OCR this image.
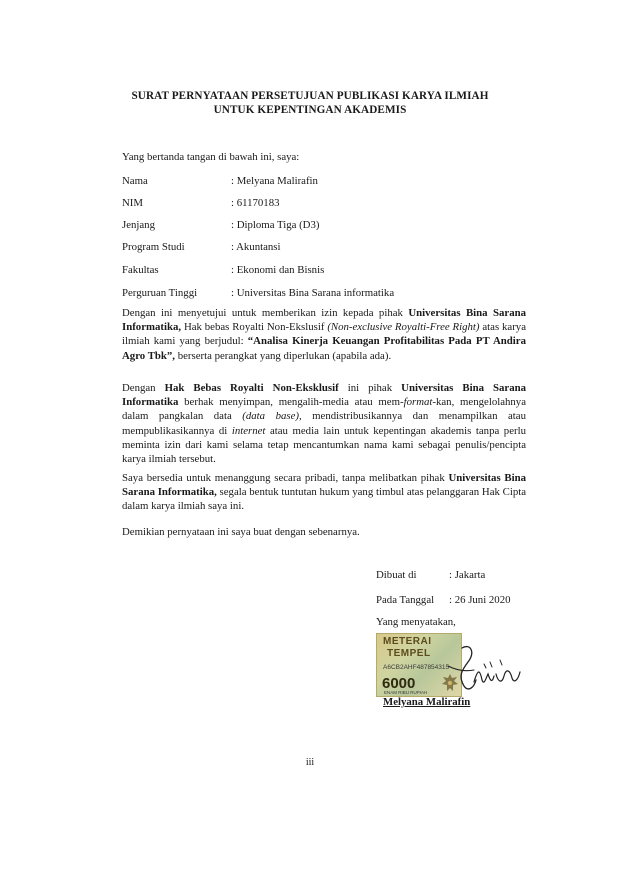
SURAT PERNYATAAN PERSETUJUAN PUBLIKASI KARYA ILMIAH
UNTUK KEPENTINGAN AKADEMIS
Yang bertanda tangan di bawah ini, saya:
Nama	: Melyana Malirafin
NIM	: 61170183
Jenjang	: Diploma Tiga (D3)
Program Studi	: Akuntansi
Fakultas	: Ekonomi dan Bisnis
Perguruan Tinggi	: Universitas Bina Sarana informatika
Dengan ini menyetujui untuk memberikan izin kepada pihak Universitas Bina Sarana Informatika, Hak bebas Royalti Non-Ekslusif (Non-exclusive Royalti-Free Right) atas karya ilmiah kami yang berjudul: “Analisa Kinerja Keuangan Profitabilitas Pada PT Andira Agro Tbk”, berserta perangkat yang diperlukan (apabila ada).
Dengan Hak Bebas Royalti Non-Eksklusif ini pihak Universitas Bina Sarana Informatika berhak menyimpan, mengalih-media atau mem-format-kan, mengelolahnya dalam pangkalan data (data base), mendistribusikannya dan menampilkan atau mempublikasikannya di internet atau media lain untuk kepentingan akademis tanpa perlu meminta izin dari kami selama tetap mencantumkan nama kami sebagai penulis/pencipta karya ilmiah tersebut.
Saya bersedia untuk menanggung secara pribadi, tanpa melibatkan pihak Universitas Bina Sarana Informatika, segala bentuk tuntutan hukum yang timbul atas pelanggaran Hak Cipta dalam karya ilmiah saya ini.
Demikian pernyataan ini saya buat dengan sebenarnya.
Dibuat di	: Jakarta
Pada Tanggal : 26 Juni 2020
Yang menyatakan,
METERAI
TEMPEL
A6CB2AHF487854315
6000
ENAM RIBU RUPIAH
Melyana Malirafin
iii
